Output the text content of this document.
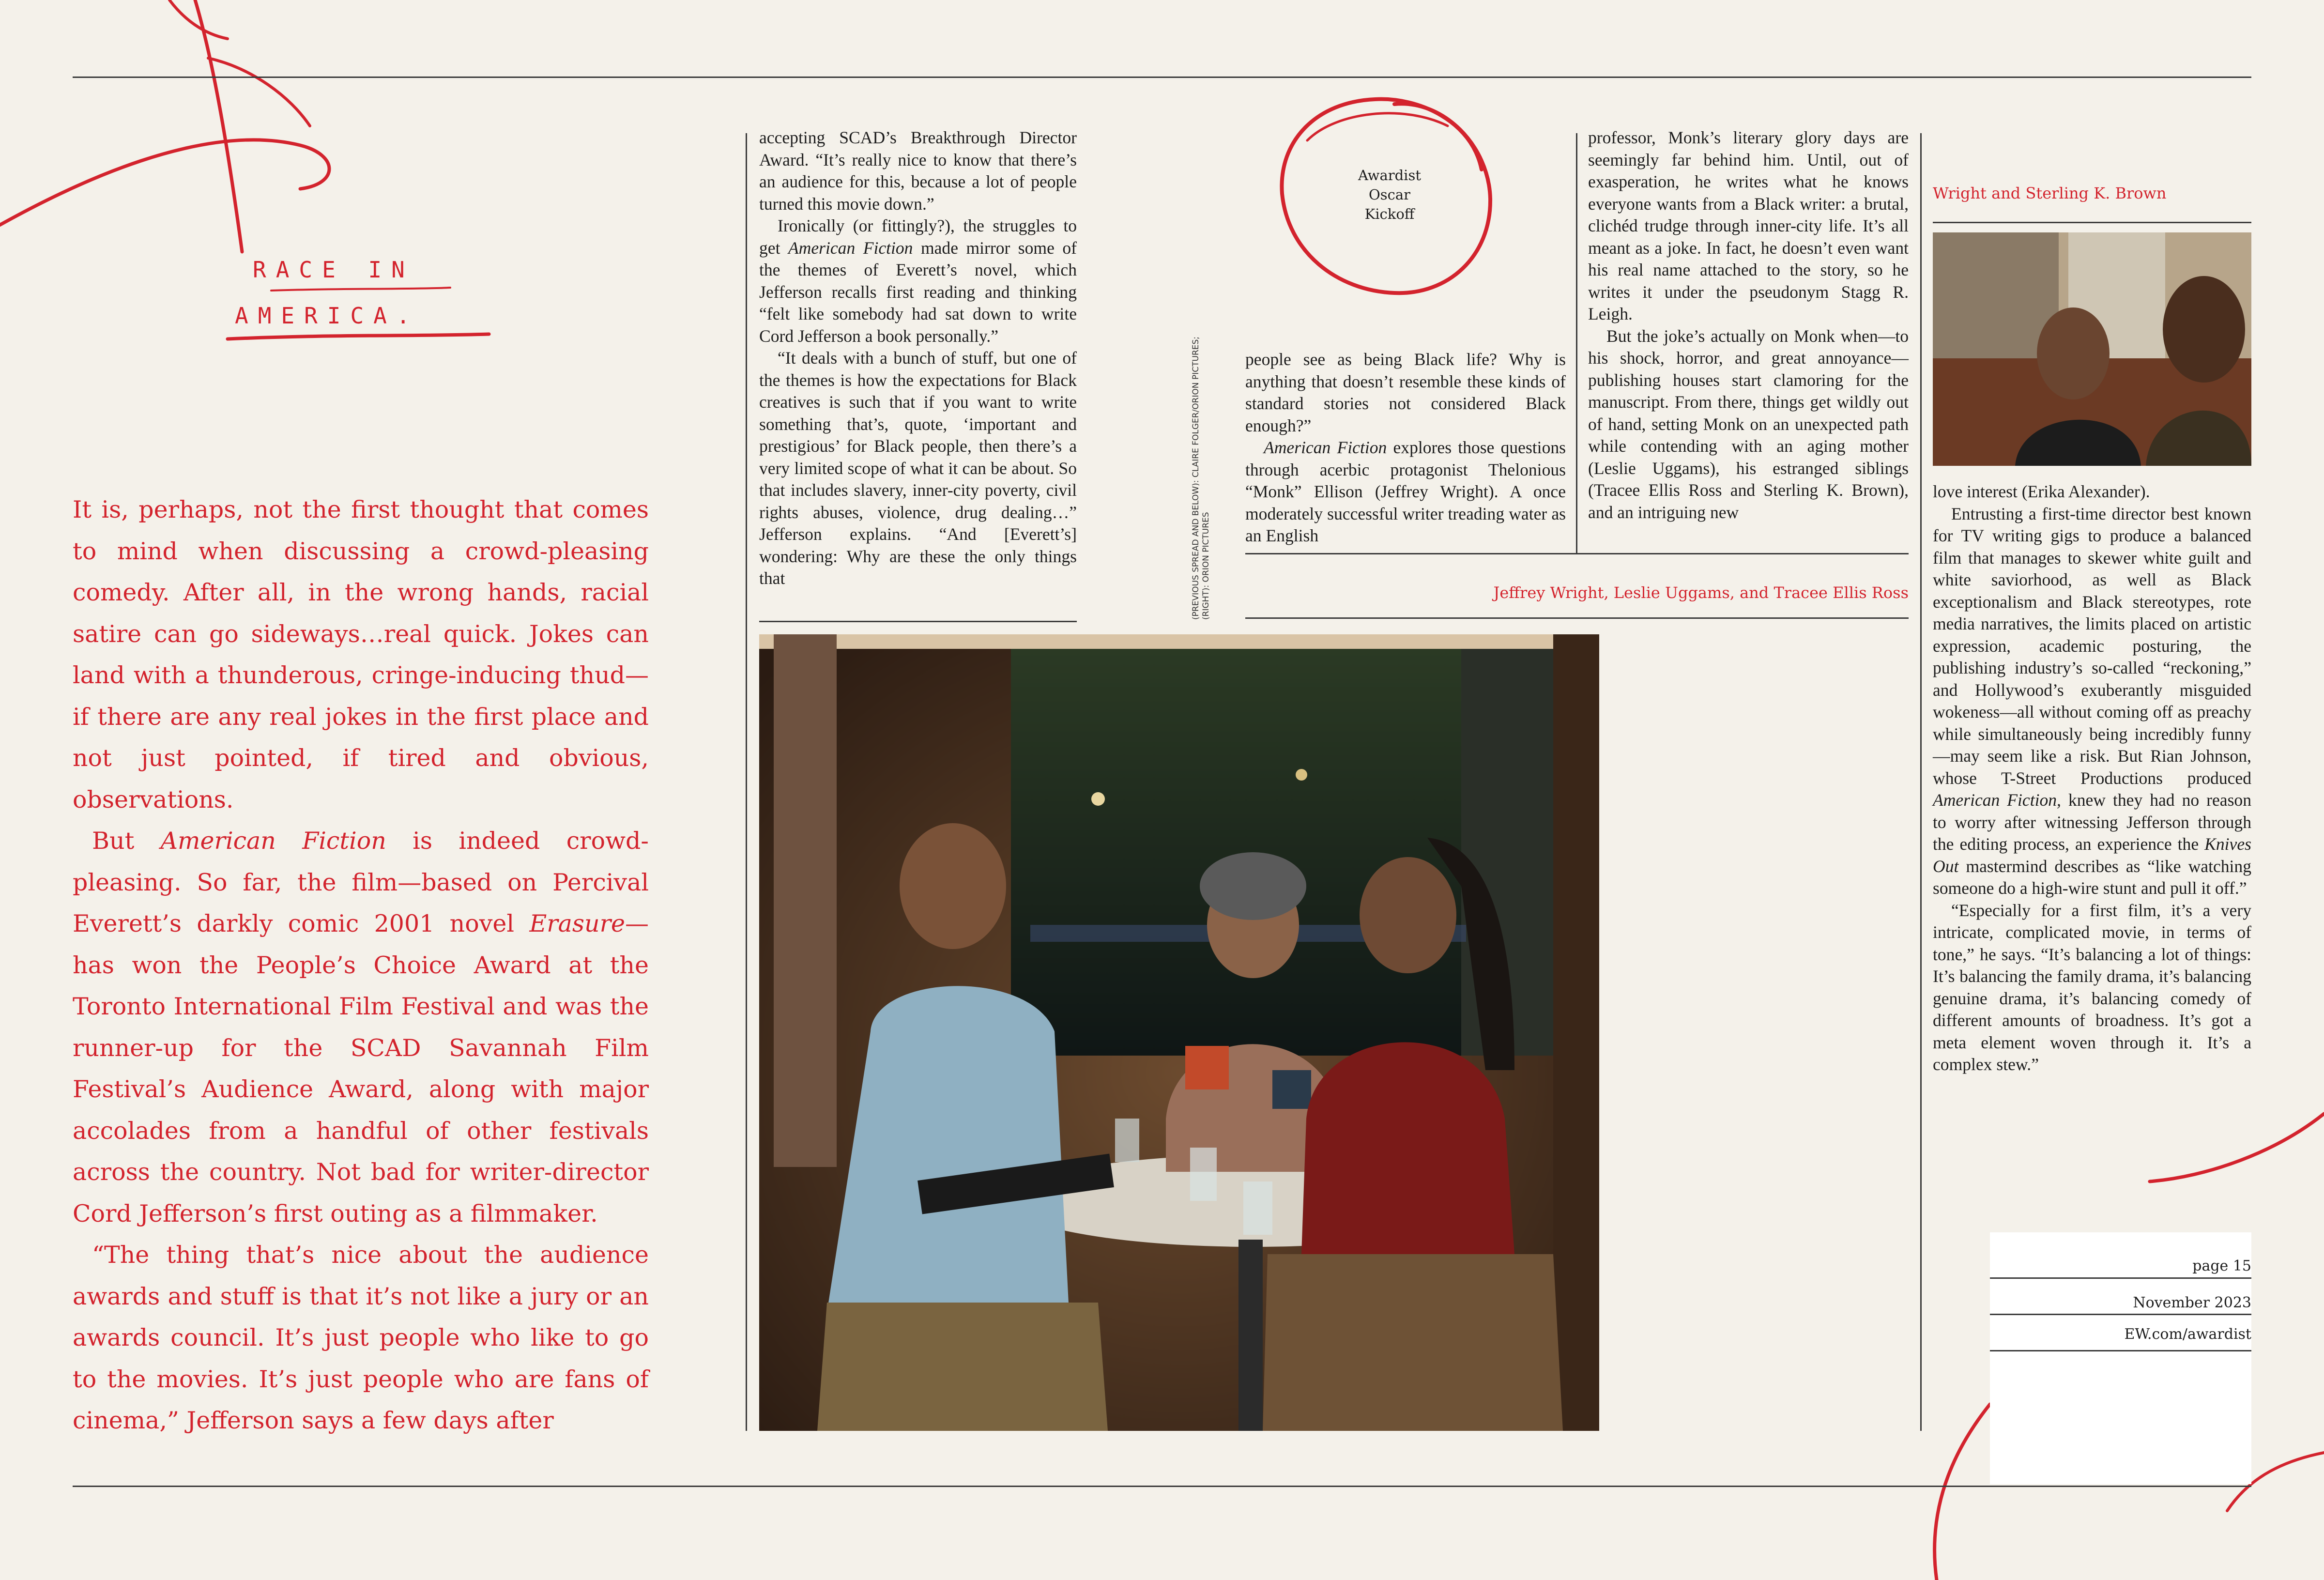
RACE IN
AMERICA.

It is, perhaps, not the first thought that comes to mind when discussing a crowd-pleasing comedy. After all, in the wrong hands, racial satire can go sideways…real quick. Jokes can land with a thunderous, cringe-inducing thud—if there are any real jokes in the first place and not just pointed, if tired and obvious, observations.

But American Fiction is indeed crowd-pleasing. So far, the film—based on Percival Everett’s darkly comic 2001 novel Erasure—has won the People’s Choice Award at the Toronto International Film Festival and was the runner-up for the SCAD Savannah Film Festival’s Audience Award, along with major accolades from a handful of other festivals across the country. Not bad for writer-director Cord Jefferson’s first outing as a filmmaker.

“The thing that’s nice about the audience awards and stuff is that it’s not like a jury or an awards council. It’s just people who like to go to the movies. It’s just people who are fans of cinema,” Jefferson says a few days after

accepting SCAD’s Breakthrough Director Award. “It’s really nice to know that there’s an audience for this, because a lot of people turned this movie down.”

Ironically (or fittingly?), the struggles to get American Fiction made mirror some of the themes of Everett’s novel, which Jefferson recalls first reading and thinking “felt like somebody had sat down to write Cord Jefferson a book personally.”

“It deals with a bunch of stuff, but one of the themes is how the expectations for Black creatives is such that if you want to write something that’s, quote, ‘important and prestigious’ for Black people, then there’s a very limited scope of what it can be about. So that includes slavery, inner-city poverty, civil rights abuses, violence, drug dealing…” Jefferson explains. “And [Everett’s] wondering: Why are these the only things that	(PREVIOUS SPREAD AND BELOW): CLAIRE FOLGER/ORION PICTURES; (RIGHT): ORION PICTURES
Awardist
Oscar
Kickoff

people see as being Black life? Why is anything that doesn’t resemble these kinds of standard stories not considered Black enough?”

American Fiction explores those questions through acerbic protagonist Thelonious “Monk” Ellison (Jeffrey Wright). A once moderately successful writer treading water as an English

professor, Monk’s literary glory days are seemingly far behind him. Until, out of exasperation, he writes what he knows everyone wants from a Black writer: a brutal, clichéd trudge through inner-city life. It’s all meant as a joke. In fact, he doesn’t even want his real name attached to the story, so he writes it under the pseudonym Stagg R. Leigh.

But the joke’s actually on Monk when—to his shock, horror, and great annoyance—publishing houses start clamoring for the manuscript. From there, things get wildly out of hand, setting Monk on an unexpected path while contending with an aging mother (Leslie Uggams), his estranged siblings (Tracee Ellis Ross and Sterling K. Brown), and an intriguing new

Jeffrey Wright, Leslie Uggams, and Tracee Ellis Ross
Wright and Sterling K. Brown

love interest (Erika Alexander).

Entrusting a first-time director best known for TV writing gigs to produce a balanced film that manages to skewer white guilt and white saviorhood, as well as Black exceptionalism and Black stereotypes, rote media narratives, the limits placed on artistic expression, academic posturing, the publishing industry’s so-called “reckoning,” and Hollywood’s exuberantly misguided wokeness—all without coming off as preachy while simultaneously being incredibly funny—may seem like a risk. But Rian Johnson, whose T-Street Productions produced American Fiction, knew they had no reason to worry after witnessing Jefferson through the editing process, an experience the Knives Out mastermind describes as “like watching someone do a high-wire stunt and pull it off.”

“Especially for a first film, it’s a very intricate, complicated movie, in terms of tone,” he says. “It’s balancing a lot of things: It’s balancing the family drama, it’s balancing genuine drama, it’s balancing comedy of different amounts of broadness. It’s got a meta element woven through it. It’s a complex stew.”

page 15
November 2023
EW.com/awardist
